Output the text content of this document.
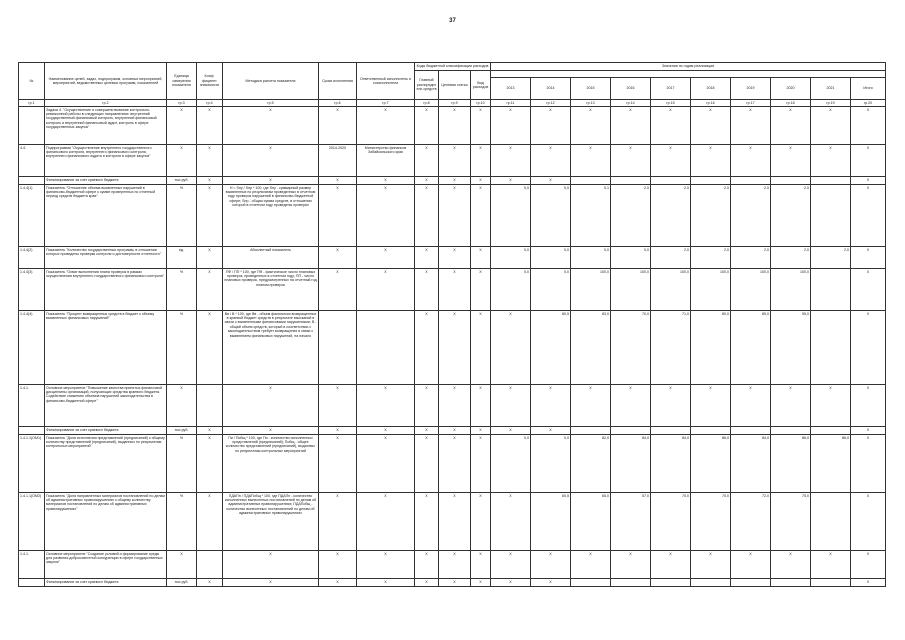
37
№	Наименование целей, задач, подпрограмм, основных мероприятий, мероприятий, ведомственных целевых программ, показателей	Единица измерения показателя	Коэф. фициент значимости	Методика расчета показателя	Сроки исполнения	Ответственный исполнитель и соисполнители	Коды бюджетной классификации расходов			Значения по годам реализации									
							Главный распорядитель средств	Целевая статья	Вид расходов										
										2013	2014	2015	2016	2017	2018	2019	2020	2021	Итого
гр.1	гр.2	гр.3	гр.4	гр.5	гр.6	гр.7	гр.8	гр.9	гр.10	гр.11	гр.12	гр.13	гр.14	гр.15	гр.16	гр.17	гр.18	гр.19	гр.20
	Задача 4. "Осуществление и совершенствование контрольно-ревизионной работы в следующих направлениях: внутренний государственный финансовый контроль, внутренний финансовый контроль и внутренний финансовый аудит, контроль в сфере государственных закупок"	Х	Х	Х	Х	Х	Х	Х	Х	Х	Х	Х	Х	Х	Х	Х	Х	Х	Х
4.4.	Подпрограмма "Осуществление внутреннего государственного финансового контроля, внутреннего финансового контроля, внутреннего финансового аудита и контроля в сфере закупок"	Х	Х	Х	2014-2020	Министерство финансов Забайкальского края	Х	Х	Х	Х	Х	Х	Х	Х	Х	Х	Х	Х	Х
	Финансирование за счет краевого бюджета	тыс.руб.	Х	Х	Х	Х	Х	Х	Х	Х	Х								Х
1.4.4(1)	Показатель "Отношение объема выявленных нарушений в финансово-бюджетной сфере к сумме проверенных по отчетный период средств бюджета края"	%	Х	Н = Sну / Sпр * 100, где Sну - суммарный размер выявленных по результатам проведенных в отчетном году проверок нарушений в финансово-бюджетной сфере; Sпр - общая сумма средств, в отношении которой в отчетном году проведены проверки	Х	Х	Х	Х	Х	0,0	0,0	0,1	2,0	2,0	2,0	2,0	2,0		Х
1.4.4(2)	Показатель "Количество государственных программ, в отношении которых проведены проверки контроля и достоверности отчетности"	ед.	Х	Абсолютный показатель	Х	Х	Х	Х	Х	0,0	0,0	0,0	0,0	2,0	2,0	2,0	2,0	2,0	Х
1.4.4(3)	Показатель "Охват выполнения плана проверок в рамках осуществления внутреннего государственного финансового контроля"	%	Х	ПФ / ПП * 100, где ПФ - фактическое число плановых проверок, проведенных в отчетном году; ПП - число плановых проверок, предусмотренных на отчетный год планом проверок	Х	Х	Х	Х	Х	0,0	0,0	100,0	100,0	100,0	100,0	100,0	100,0		Х
1.4.4(4)	Показатель "Процент возвращенных средств в бюджет к объему выявленных финансовых нарушений"	%	Х	Вв / В * 100, где Вв - объем фактически возвращенных в краевой бюджет средств в результате взысканий в связи с выявленными финансовыми нарушениями; В - общий объем средств, который в соответствии с законодательством требует возвращения в связи с выявлением финансовых нарушений, на начало			Х	Х	Х	Х	80,5	83,0	70,0	71,0	80,0	85,0	55,0		Х
1.4.1.	Основное мероприятие "Повышение качества принятых финансовой дисциплины организаций, получающих средства краевого бюджета. Содействие снижению объемов нарушений законодательства в финансово-бюджетной сфере"	Х		Х	Х	Х	Х	Х	Х	Х	Х	Х	Х	Х	Х	Х	Х	Х	Х
	Финансирование за счет краевого бюджета	тыс.руб.	Х	Х	Х	Х	Х	Х	Х	Х	Х								Х
1.4.1.1(ОМ1)	Показатель "Доля исполнения представлений (предписаний) к общему количеству представлений (предписаний), выданных по результатам контрольных мероприятий"	%	Х	Пи / Побщ * 100, где Пи - количество исполненных представлений (предписаний); Побщ - общее количество представлений (предписаний), выданных по результатам контрольных мероприятий	Х	Х	Х	Х	Х	0,0	0,0	82,0	84,0	84,0	86,0	84,0	86,0	86,0	Х
1.4.1.1(ОМ2)	Показатель "Доля направленных материалов постановлений по делам об административных правонарушениях к общему количеству материалов постановлений по делам об административных правонарушениях"	%	Х	ПДАПн / ПДАПобщ * 100, где ПДАПн - количество исполненных вынесенных постановлений по делам об административных правонарушениях; ПДАПобщ - количество вынесенных постановлений по делам об административных правонарушениях	Х	Х	Х	Х	Х	Х	60,5	65,0	57,0	70,0	70,0	72,0	75,0		Х
1.4.1.	Основное мероприятие "Создание условий и формирование среды для развития добросовестной конкуренции в сфере государственных закупок"	Х		Х	Х	Х	Х	Х	Х	Х	Х	Х	Х	Х	Х	Х	Х	Х	Х
	Финансирование за счет краевого бюджета	тыс.руб.	Х	Х	Х	Х	Х	Х	Х	Х	Х								Х
